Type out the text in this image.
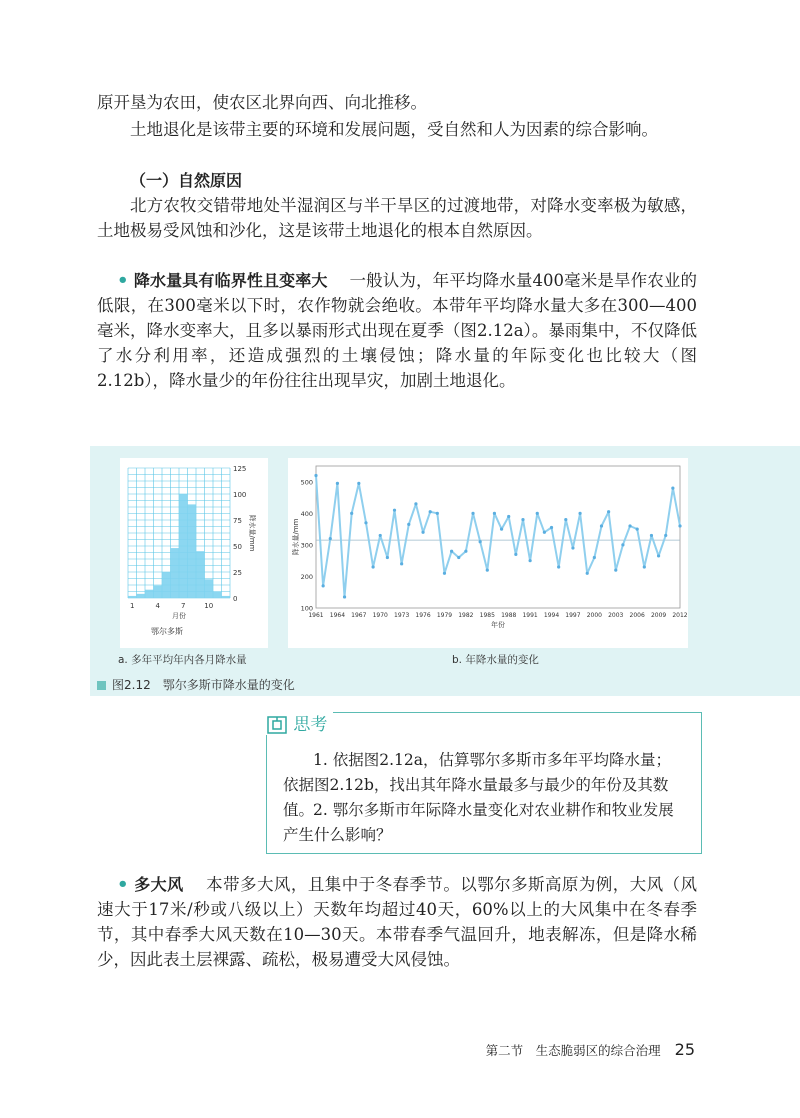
原开垦为农田，使农区北界向西、向北推移。

土地退化是该带主要的环境和发展问题，受自然和人为因素的综合影响。

（一）自然原因

北方农牧交错带地处半湿润区与半干旱区的过渡地带，对降水变率极为敏感，土地极易受风蚀和沙化，这是该带土地退化的根本自然原因。

• 降水量具有临界性且变率大 　 一般认为，年平均降水量400毫米是旱作农业的低限，在300毫米以下时，农作物就会绝收。本带年平均降水量大多在300—400毫米，降水变率大，且多以暴雨形式出现在夏季（图2.12a）。暴雨集中，不仅降低了水分利用率，还造成强烈的土壤侵蚀；降水量的年际变化也比较大（图2.12b），降水量少的年份往往出现旱灾，加剧土地退化。

0
25
50
75
100
125
1	4	7	10
月份
鄂尔多斯
降水量/mm
100
200
300
400
500
1961 1964 1967 1970 1973 1976 1979 1982 1985 1988 1991 1994 1997 2000 2003 2006 2009 2012
年份
降水量/mm
a. 多年平均年内各月降水量	b. 年降水量的变化
图2.12　鄂尔多斯市降水量的变化
思考

1. 依据图2.12a，估算鄂尔多斯市多年平均降水量；依据图2.12b，找出其年降水量最多与最少的年份及其数值。

2. 鄂尔多斯市年际降水量变化对农业耕作和牧业发展产生什么影响？

• 多大风 　 本带多大风，且集中于冬春季节。以鄂尔多斯高原为例，大风（风速大于17米/秒或八级以上）天数年均超过40天，60%以上的大风集中在冬春季节，其中春季大风天数在10—30天。本带春季气温回升，地表解冻，但是降水稀少，因此表土层裸露、疏松，极易遭受大风侵蚀。

第二节　生态脆弱区的综合治理 25
